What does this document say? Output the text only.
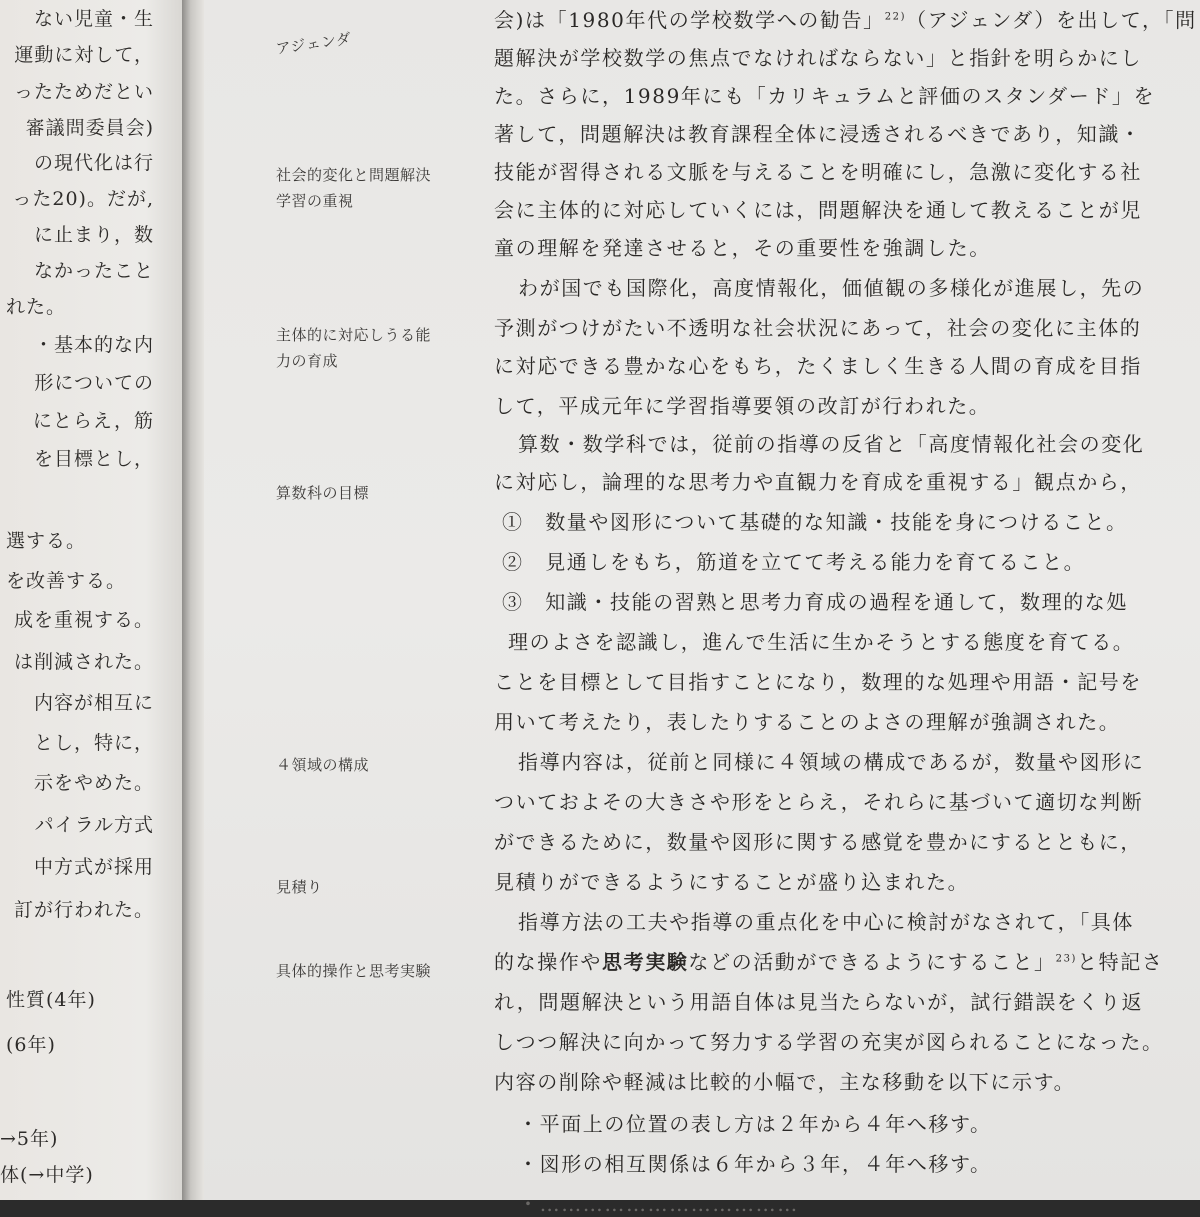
ない児童・生
運動に対して，
ったためだとい
審議問委員会)
の現代化は行
った20)。だが,
に止まり，数
なかったこと
れた。
・基本的な内
形についての
にとらえ，筋
を目標とし，
選する。
を改善する。
成を重視する。
は削減された。
内容が相互に
とし，特に，
示をやめた。
パイラル方式
中方式が採用
訂が行われた。
性質(4年)
(6年)
→5年)
体(→中学)
アジェンダ
社会的変化と問題解決
学習の重視
主体的に対応しうる能
力の育成
算数科の目標
４領域の構成
見積り
具体的操作と思考実験
会)は「1980年代の学校数学への勧告」$^{22)}$（アジェンダ）を出して，「問
題解決が学校数学の焦点でなければならない」と指針を明らかにし
た。さらに，1989年にも「カリキュラムと評価のスタンダード」を
著して，問題解決は教育課程全体に浸透されるべきであり，知識・
技能が習得される文脈を与えることを明確にし，急激に変化する社
会に主体的に対応していくには，問題解決を通して教えることが児
童の理解を発達させると，その重要性を強調した。
わが国でも国際化，高度情報化，価値観の多様化が進展し，先の
予測がつけがたい不透明な社会状況にあって，社会の変化に主体的
に対応できる豊かな心をもち，たくましく生きる人間の育成を目指
して，平成元年に学習指導要領の改訂が行われた。
算数・数学科では，従前の指導の反省と「高度情報化社会の変化
に対応し，論理的な思考力や直観力を育成を重視する」観点から，
①　数量や図形について基礎的な知識・技能を身につけること。
②　見通しをもち，筋道を立てて考える能力を育てること。
③　知識・技能の習熟と思考力育成の過程を通して，数理的な処
理のよさを認識し，進んで生活に生かそうとする態度を育てる。
ことを目標として目指すことになり，数理的な処理や用語・記号を
用いて考えたり，表したりすることのよさの理解が強調された。
指導内容は，従前と同様に４領域の構成であるが，数量や図形に
ついておよその大きさや形をとらえ，それらに基づいて適切な判断
ができるために，数量や図形に関する感覚を豊かにするとともに，
見積りができるようにすることが盛り込まれた。
指導方法の工夫や指導の重点化を中心に検討がなされて，「具体
的な操作や思考実験などの活動ができるようにすること」$^{23)}$と特記さ
れ，問題解決という用語自体は見当たらないが，試行錯誤をくり返
しつつ解決に向かって努力する学習の充実が図られることになった。
内容の削除や軽減は比較的小幅で，主な移動を以下に示す。
・平面上の位置の表し方は２年から４年へ移す。
・図形の相互関係は６年から３年，４年へ移す。
・………………………………
